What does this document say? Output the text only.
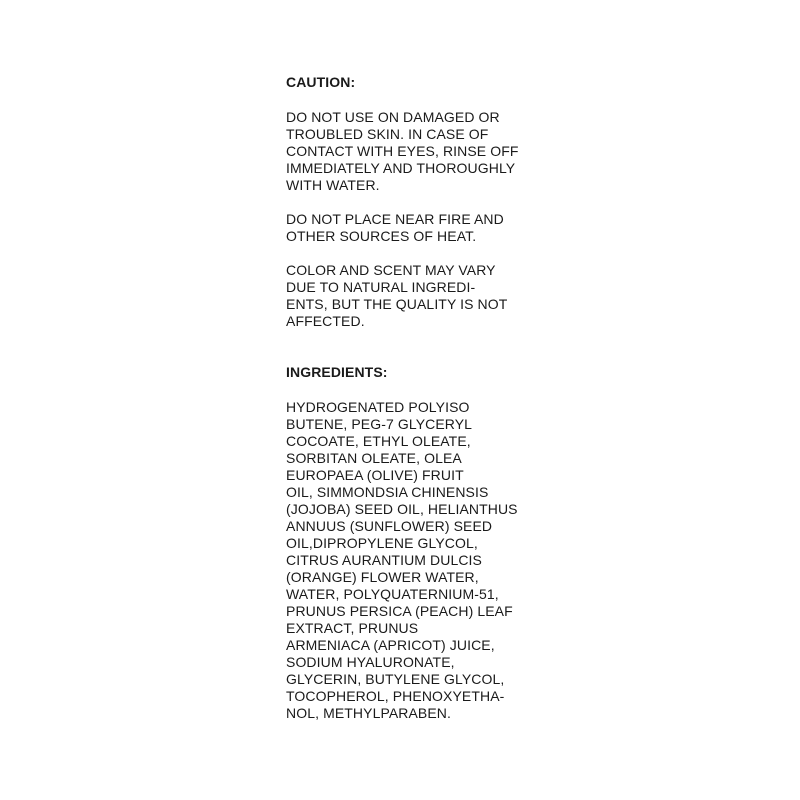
CAUTION:
DO NOT USE ON DAMAGED OR
TROUBLED SKIN. IN CASE OF
CONTACT WITH EYES, RINSE OFF
IMMEDIATELY AND THOROUGHLY
WITH WATER.
DO NOT PLACE NEAR FIRE AND
OTHER SOURCES OF HEAT.
COLOR AND SCENT MAY VARY
DUE TO NATURAL INGREDI-
ENTS, BUT THE QUALITY IS NOT
AFFECTED.
INGREDIENTS:
HYDROGENATED POLYISO
BUTENE, PEG-7 GLYCERYL
COCOATE, ETHYL OLEATE,
SORBITAN OLEATE, OLEA
EUROPAEA (OLIVE) FRUIT
OIL, SIMMONDSIA CHINENSIS
(JOJOBA) SEED OIL, HELIANTHUS
ANNUUS (SUNFLOWER) SEED
OIL,DIPROPYLENE GLYCOL,
CITRUS AURANTIUM DULCIS
(ORANGE) FLOWER WATER,
WATER, POLYQUATERNIUM-51,
PRUNUS PERSICA (PEACH) LEAF
EXTRACT, PRUNUS
ARMENIACA (APRICOT) JUICE,
SODIUM HYALURONATE,
GLYCERIN, BUTYLENE GLYCOL,
TOCOPHEROL, PHENOXYETHA-
NOL, METHYLPARABEN.
